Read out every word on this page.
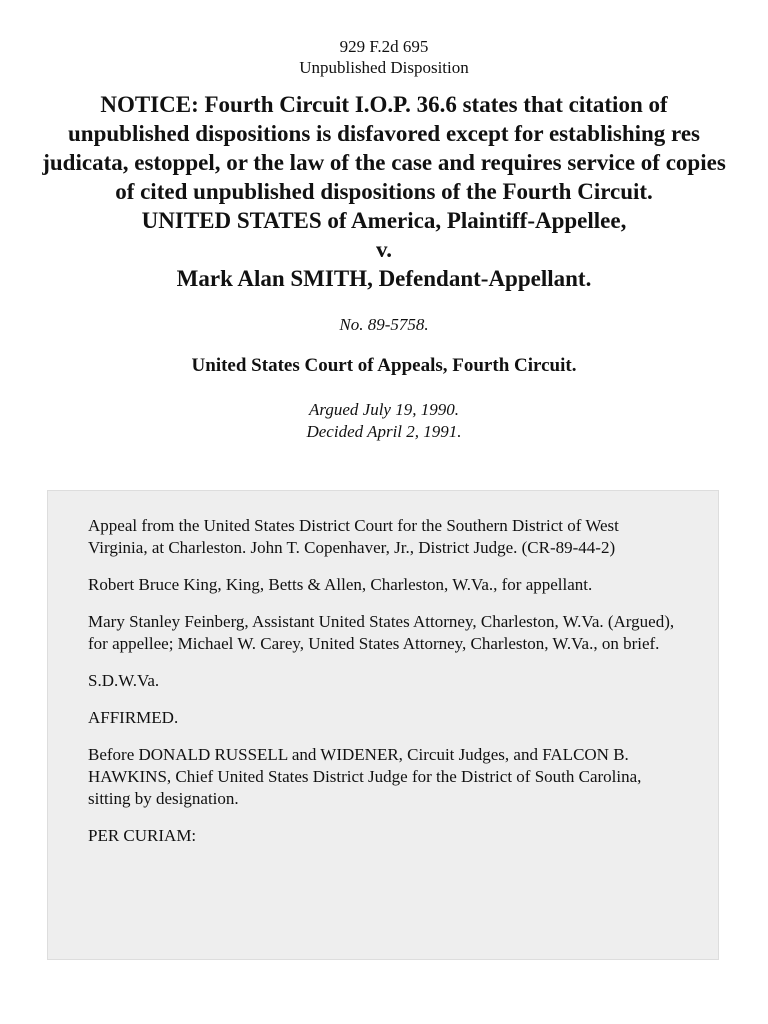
929 F.2d 695

Unpublished Disposition

NOTICE: Fourth Circuit I.O.P. 36.6 states that citation of unpublished dispositions is disfavored except for establishing res judicata, estoppel, or the law of the case and requires service of copies of cited unpublished dispositions of the Fourth Circuit.
UNITED STATES of America, Plaintiff-Appellee,
v.
Mark Alan SMITH, Defendant-Appellant.
No. 89-5758.
United States Court of Appeals, Fourth Circuit.
Argued July 19, 1990.
Decided April 2, 1991.

Appeal from the United States District Court for the Southern District of West Virginia, at Charleston. John T. Copenhaver, Jr., District Judge. (CR-89-44-2)

Robert Bruce King, King, Betts & Allen, Charleston, W.Va., for appellant.

Mary Stanley Feinberg, Assistant United States Attorney, Charleston, W.Va. (Argued), for appellee; Michael W. Carey, United States Attorney, Charleston, W.Va., on brief.

S.D.W.Va.

AFFIRMED.

Before DONALD RUSSELL and WIDENER, Circuit Judges, and FALCON B. HAWKINS, Chief United States District Judge for the District of South Carolina, sitting by designation.

PER CURIAM:
